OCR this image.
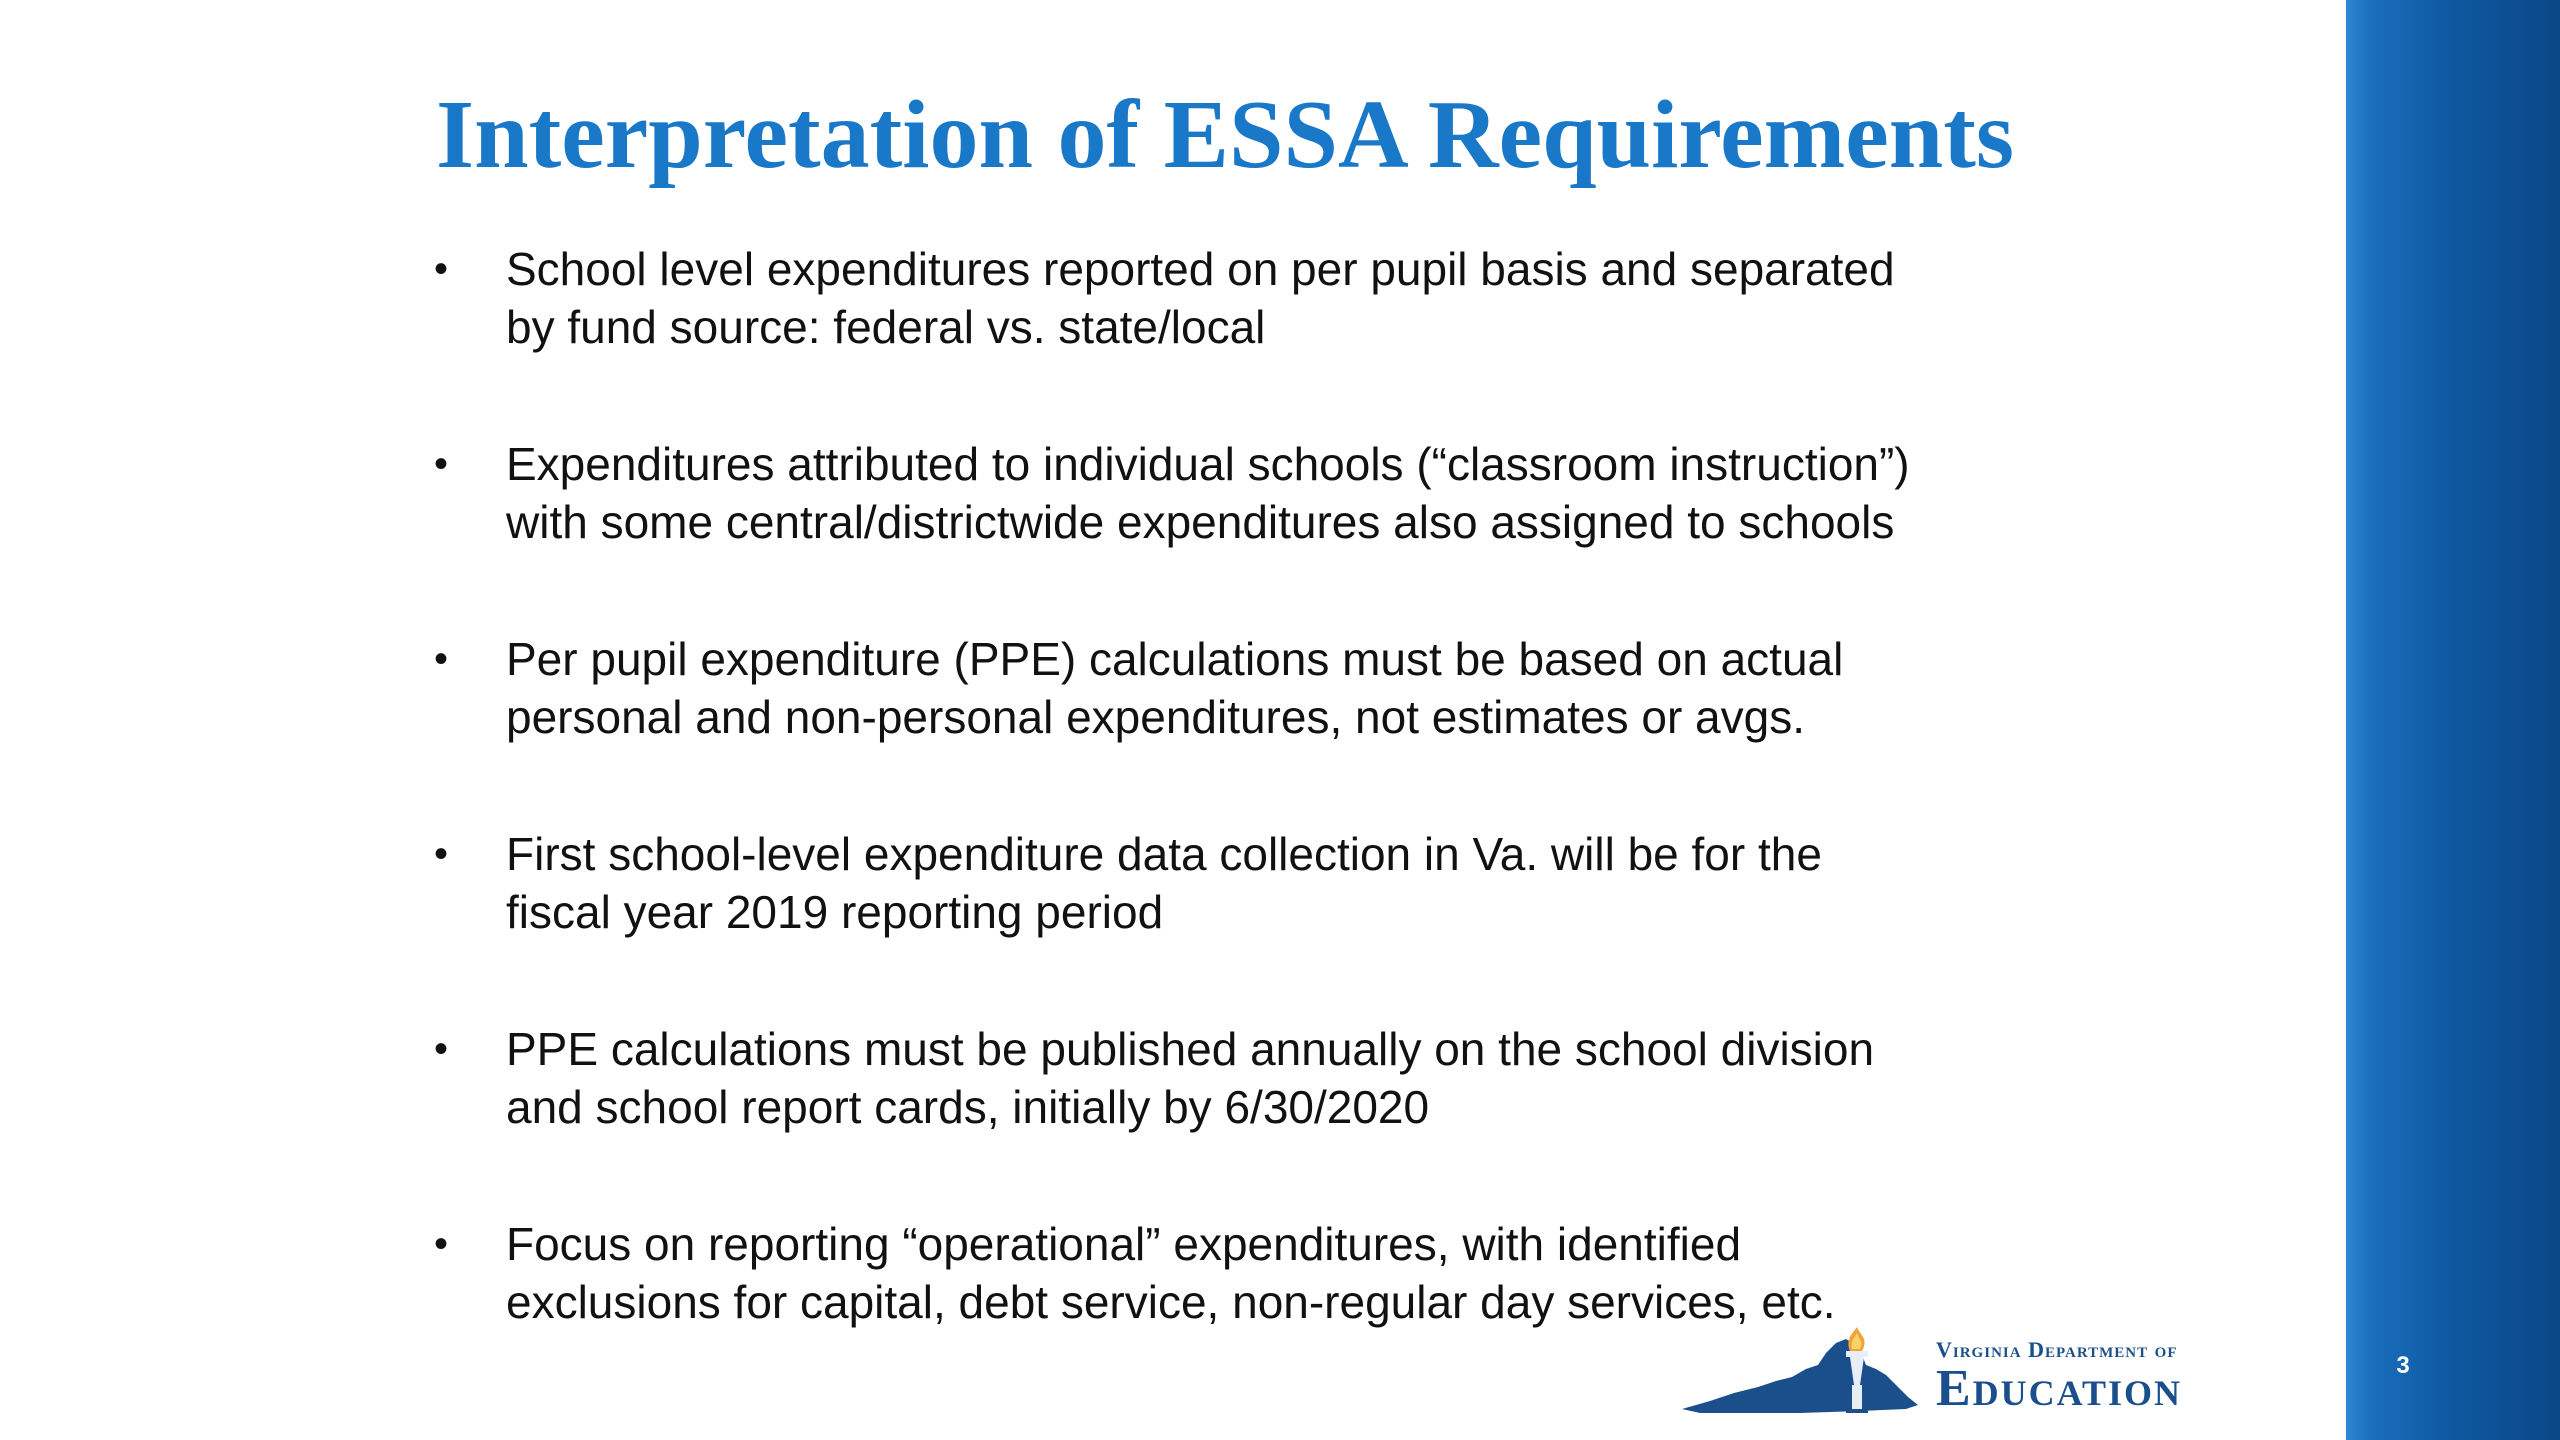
Interpretation of ESSA Requirements
• School level expenditures reported on per pupil basis and separated
by fund source: federal vs. state/local
• Expenditures attributed to individual schools (“classroom instruction”)
with some central/districtwide expenditures also assigned to schools
• Per pupil expenditure (PPE) calculations must be based on actual
personal and non-personal expenditures, not estimates or avgs.
• First school-level expenditure data collection in Va. will be for the
fiscal year 2019 reporting period
• PPE calculations must be published annually on the school division
and school report cards, initially by 6/30/2020
• Focus on reporting “operational” expenditures, with identified
exclusions for capital, debt service, non-regular day services, etc.
Virginia Department of
Education	3
